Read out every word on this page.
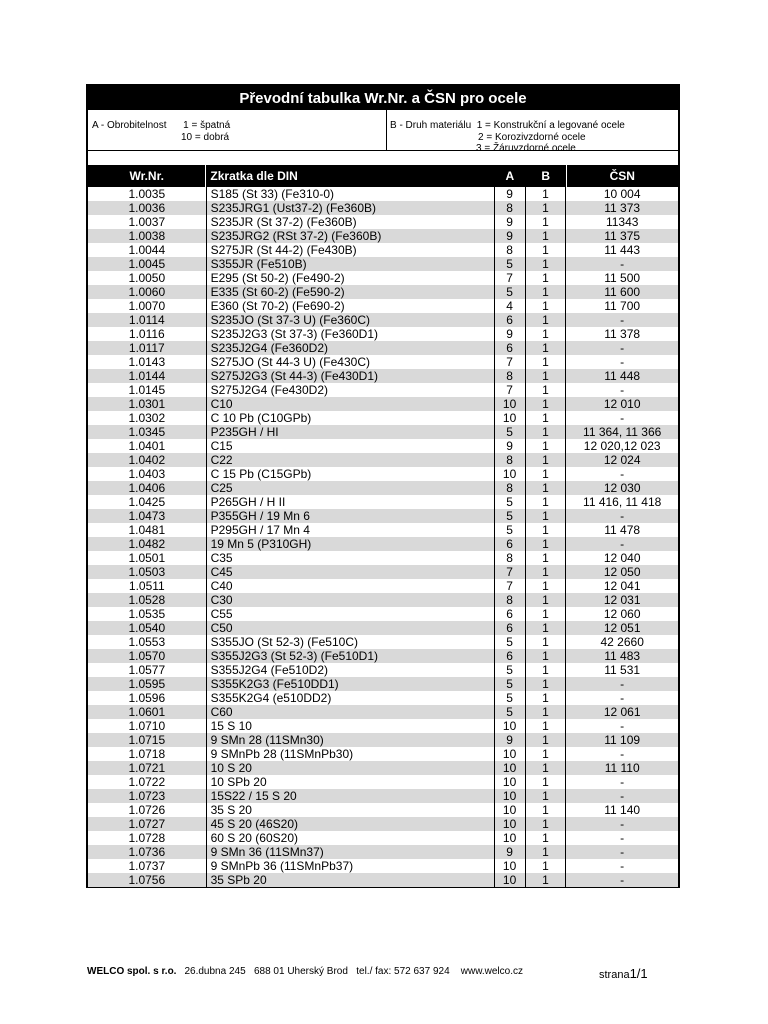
Převodní tabulka Wr.Nr. a ČSN pro ocele
A - Obrobitelnost 1 = špatná
10 = dobrá
B - Druh materiálu 1 = Konstrukční a legované ocele
2 = Korozivzdorné ocele
3 = Žáruvzdorné ocele
Wr.Nr.	Zkratka dle DIN	A	B	ČSN
1.0035	S185 (St 33) (Fe310-0)	9	1	10 004
1.0036	S235JRG1 (Ust37-2) (Fe360B)	8	1	11 373
1.0037	S235JR (St 37-2) (Fe360B)	9	1	11343
1.0038	S235JRG2 (RSt 37-2) (Fe360B)	9	1	11 375
1.0044	S275JR (St 44-2) (Fe430B)	8	1	11 443
1.0045	S355JR (Fe510B)	5	1	-
1.0050	E295 (St 50-2) (Fe490-2)	7	1	11 500
1.0060	E335 (St 60-2) (Fe590-2)	5	1	11 600
1.0070	E360 (St 70-2) (Fe690-2)	4	1	11 700
1.0114	S235JO (St 37-3 U) (Fe360C)	6	1	-
1.0116	S235J2G3 (St 37-3) (Fe360D1)	9	1	11 378
1.0117	S235J2G4 (Fe360D2)	6	1	-
1.0143	S275JO (St 44-3 U) (Fe430C)	7	1	-
1.0144	S275J2G3 (St 44-3) (Fe430D1)	8	1	11 448
1.0145	S275J2G4 (Fe430D2)	7	1	-
1.0301	C10	10	1	12 010
1.0302	C 10 Pb (C10GPb)	10	1	-
1.0345	P235GH / HI	5	1	11 364, 11 366
1.0401	C15	9	1	12 020,12 023
1.0402	C22	8	1	12 024
1.0403	C 15 Pb (C15GPb)	10	1	-
1.0406	C25	8	1	12 030
1.0425	P265GH / H II	5	1	11 416, 11 418
1.0473	P355GH / 19 Mn 6	5	1	-
1.0481	P295GH / 17 Mn 4	5	1	11 478
1.0482	19 Mn 5 (P310GH)	6	1	-
1.0501	C35	8	1	12 040
1.0503	C45	7	1	12 050
1.0511	C40	7	1	12 041
1.0528	C30	8	1	12 031
1.0535	C55	6	1	12 060
1.0540	C50	6	1	12 051
1.0553	S355JO (St 52-3) (Fe510C)	5	1	42 2660
1.0570	S355J2G3 (St 52-3) (Fe510D1)	6	1	11 483
1.0577	S355J2G4 (Fe510D2)	5	1	11 531
1.0595	S355K2G3 (Fe510DD1)	5	1	-
1.0596	S355K2G4 (e510DD2)	5	1	-
1.0601	C60	5	1	12 061
1.0710	15 S 10	10	1	-
1.0715	9 SMn 28 (11SMn30)	9	1	11 109
1.0718	9 SMnPb 28 (11SMnPb30)	10	1	-
1.0721	10 S 20	10	1	11 110
1.0722	10 SPb 20	10	1	-
1.0723	15S22 / 15 S 20	10	1	-
1.0726	35 S 20	10	1	11 140
1.0727	45 S 20 (46S20)	10	1	-
1.0728	60 S 20 (60S20)	10	1	-
1.0736	9 SMn 36 (11SMn37)	9	1	-
1.0737	9 SMnPb 36 (11SMnPb37)	10	1	-
1.0756	35 SPb 20	10	1	-
WELCO spol. s r.o. 26.dubna 245   688 01 Uherský Brod   tel./ fax: 572 637 924    www.welco.cz	strana1/1
